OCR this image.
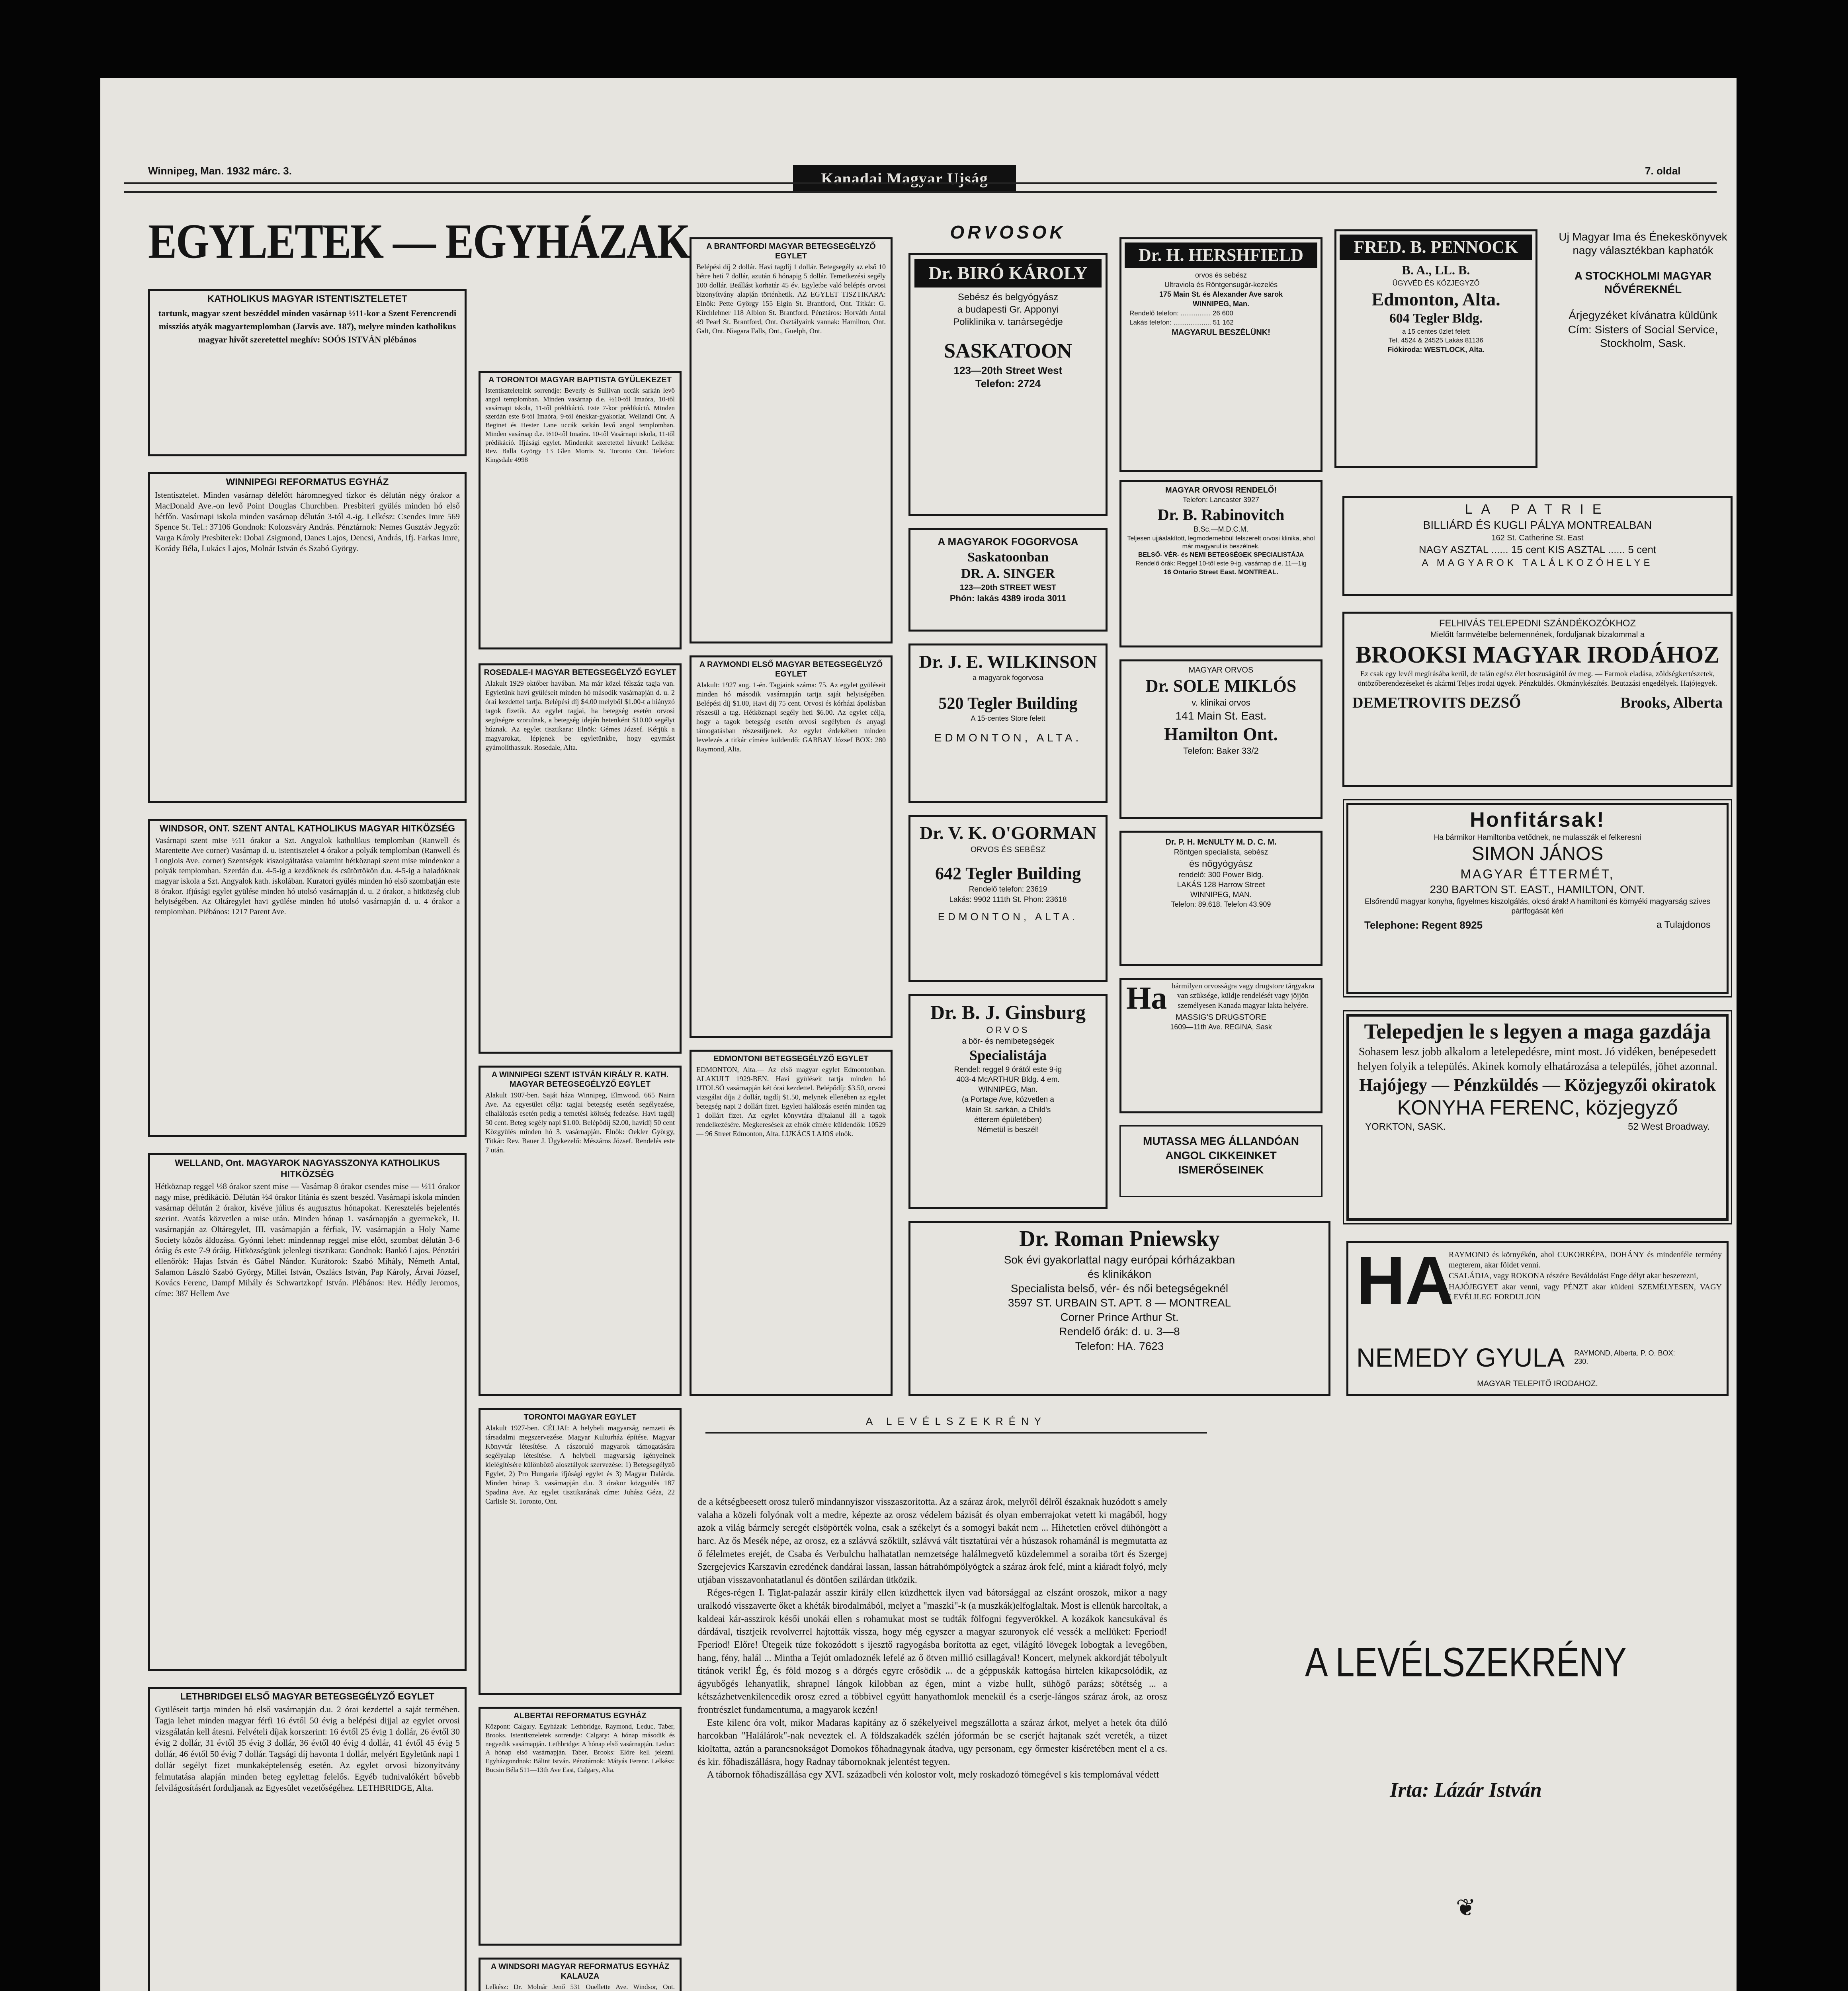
Winnipeg, Man. 1932 márc. 3.	Kanadai Magyar Ujság	7. oldal
EGYLETEK — EGYHÁZAK
KATHOLIKUS MAGYAR ISTENTISZTELETET
tartunk, magyar szent beszéddel minden vasárnap ½11-kor a Szent Ferencrendi missziós atyák magyartemplomban (Jarvis ave. 187), melyre minden katholikus magyar hivőt szeretettel meghív: SOÓS ISTVÁN plébános
WINNIPEGI REFORMATUS EGYHÁZ
Istentisztelet. Minden vasárnap délelőtt háromnegyed tizkor és délután négy órakor a MacDonald Ave.-on levő Point Douglas Churchben. Presbiteri gyülés minden hó első hétfőn. Vasárnapi iskola minden vasárnap délután 3-tól 4.-ig. Lelkész: Csendes Imre 569 Spence St. Tel.: 37106 Gondnok: Kolozsváry András. Pénztárnok: Nemes Gusztáv Jegyző: Varga Károly Presbiterek: Dobai Zsigmond, Dancs Lajos, Dencsi, András, Ifj. Farkas Imre, Korády Béla, Lukács Lajos, Molnár István és Szabó György.
WINDSOR, ONT. SZENT ANTAL KATHOLIKUS MAGYAR HITKÖZSÉG
Vasárnapi szent mise ½11 órakor a Szt. Angyalok katholikus templomban (Ranwell és Marentette Ave corner) Vasárnap d. u. istentisztelet 4 órakor a polyák templomban (Ranwell és Longlois Ave. corner) Szentségek kiszolgáltatása valamint hétköznapi szent mise mindenkor a polyák templomban. Szerdán d.u. 4-5-ig a kezdőknek és csütörtökön d.u. 4-5-ig a haladóknak magyar iskola a Szt. Angyalok kath. iskolában. Kuratori gyülés minden hó első szombatján este 8 órakor. Ifjúsági egylet gyülése minden hó utolsó vasárnapján d. u. 2 órakor, a hitközség club helyiségében. Az Oltáregylet havi gyülése minden hó utolsó vasárnapján d. u. 4 órakor a templomban. Plébános: 1217 Parent Ave.
WELLAND, Ont. MAGYAROK NAGYASSZONYA KATHOLIKUS HITKÖZSÉG
Hétköznap reggel ½8 órakor szent mise — Vasárnap 8 órakor csendes mise — ½11 órakor nagy mise, prédikáció. Délután ½4 órakor litánia és szent beszéd. Vasárnapi iskola minden vasárnap délután 2 órakor, kivéve július és augusztus hónapokat. Keresztelés bejelentés szerint. Avatás közvetlen a mise után. Minden hónap 1. vasárnapján a gyermekek, II. vasárnapján az Oltáregylet, III. vasárnapján a férfiak, IV. vasárnapján a Holy Name Society közös áldozása. Gyónni lehet: mindennap reggel mise előtt, szombat délután 3-6 óráig és este 7-9 óráig. Hitközségünk jelenlegi tisztikara: Gondnok: Bankó Lajos. Pénztári ellenőrök: Hajas István és Gábel Nándor. Kurátorok: Szabó Mihály, Németh Antal, Salamon László Szabó György, Millei István, Oszlács István, Pap Károly, Árvai József, Kovács Ferenc, Dampf Mihály és Schwartzkopf István. Plébános: Rev. Hédly Jeromos, címe: 387 Hellem Ave
LETHBRIDGEI ELSŐ MAGYAR BETEGSEGÉLYZŐ EGYLET
Gyüléseit tartja minden hó első vasárnapján d.u. 2 órai kezdettel a saját termében. Tagja lehet minden magyar férfi 16 évtől 50 évig a belépési dijjal az egylet orvosi vizsgálatán kell átesni. Felvételi díjak korszerint: 16 évtől 25 évig 1 dollár, 26 évtől 30 évig 2 dollár, 31 évtől 35 évig 3 dollár, 36 évtől 40 évig 4 dollár, 41 évtől 45 évig 5 dollár, 46 évtől 50 évig 7 dollár. Tagsági díj havonta 1 dollár, melyért Egyletünk napi 1 dollár segélyt fizet munkaképtelenség esetén. Az egylet orvosi bizonyítvány felmutatása alapján minden beteg egylettag felelős. Egyéb tudnivalókért bővebb felvilágosításért forduljanak az Egyesület vezetőségéhez. LETHBRIDGE, Alta.
A TORONTOI MAGYAR BAPTISTA GYÜLEKEZET
Istentiszteleteink sorrendje: Beverly és Sullivan uccák sarkán levő angol templomban. Minden vasárnap d.e. ½10-től Imaóra, 10-től vasárnapi iskola, 11-től prédikáció. Este 7-kor prédikáció. Minden szerdán este 8-tól Imaóra, 9-től énekkar-gyakorlat. Wellandi Ont. A Beginet és Hester Lane uccák sarkán levő angol templomban. Minden vasárnap d.e. ½10-től Imaóra. 10-től Vasárnapi iskola, 11-től prédikáció. Ifjúsági egylet. Mindenkit szeretettel hívunk! Lelkész: Rev. Balla György 13 Glen Morris St. Toronto Ont. Telefon: Kingsdale 4998
ROSEDALE-I MAGYAR BETEGSEGÉLYZŐ EGYLET
Alakult 1929 október havában. Ma már közel félszáz tagja van. Egyletünk havi gyüléseit minden hó második vasárnapján d. u. 2 órai kezdettel tartja. Belépési díj $4.00 melyből $1.00-t a hiányzó tagok fizetik. Az egylet tagjai, ha betegség esetén orvosi segítségre szorulnak, a betegség idején hetenként $10.00 segélyt húznak. Az egylet tisztikara: Elnök: Gémes József. Kérjük a magyarokat, lépjenek be egyletünkbe, hogy egymást gyámolíthassuk. Rosedale, Alta.
A WINNIPEGI SZENT ISTVÁN KIRÁLY R. KATH. MAGYAR BETEGSEGÉLYZŐ EGYLET
Alakult 1907-ben. Saját háza Winnipeg, Elmwood. 665 Nairn Ave. Az egyesület célja: tagjai betegség esetén segélyezése, elhalálozás esetén pedig a temetési költség fedezése. Havi tagdíj 50 cent. Beteg segély napi $1.00. Belépődíj $2.00, havidíj 50 cent Közgyülés minden hó 3. vasárnapján. Elnök: Oekler György, Titkár: Rev. Bauer J. Ügykezelő: Mészáros József. Rendelés este 7 után.
TORONTOI MAGYAR EGYLET
Alakult 1927-ben. CÉLJAI: A helybeli magyarság nemzeti és társadalmi megszervezése. Magyar Kulturház építése. Magyar Könyvtár létesítése. A rászoruló magyarok támogatására segélyalap létesítése. A helybeli magyarság igényeinek kielégítésére különböző alosztályok szervezése: 1) Betegsegélyző Egylet, 2) Pro Hungaria ifjúsági egylet és 3) Magyar Dalárda. Minden hónap 3. vasárnapján d.u. 3 órakor közgyülés 187 Spadina Ave. Az egylet tisztikarának címe: Juhász Géza, 22 Carlisle St. Toronto, Ont.
ALBERTAI REFORMATUS EGYHÁZ
Központ: Calgary. Egyházak: Lethbridge, Raymond, Leduc, Taber, Brooks. Istentiszteletek sorrendje: Calgary: A hónap második és negyedik vasárnapján. Lethbridge: A hónap első vasárnapján. Leduc: A hónap első vasárnapján. Taber, Brooks: Előre kell jelezni. Egyházgondnok: Bálint István. Pénztárnok: Mátyás Ferenc. Lelkész: Bucsin Béla 511—13th Ave East, Calgary, Alta.
A WINDSORI MAGYAR REFORMATUS EGYHÁZ KALAUZA
Lelkész: Dr. Molnár Jenő 531 Ouellette Ave. Windsor, Ont.
A BRANTFORDI MAGYAR BETEGSEGÉLYZŐ EGYLET
Belépési díj 2 dollár. Havi tagdíj 1 dollár. Betegsegély az első 10 hétre heti 7 dollár, azután 6 hónapig 5 dollár. Temetkezési segély 100 dollár. Beállást korhatár 45 év. Egyletbe való belépés orvosi bizonyítvány alapján történhetik. AZ EGYLET TISZTIKARA: Elnök: Pette György 155 Elgin St. Brantford, Ont. Titkár: G. Kirchlehner 118 Albion St. Brantford. Pénztáros: Horváth Antal 49 Pearl St. Brantford, Ont. Osztályaink vannak: Hamilton, Ont. Galt, Ont. Niagara Falls, Ont., Guelph, Ont.
A RAYMONDI ELSŐ MAGYAR BETEGSEGÉLYZŐ EGYLET
Alakult: 1927 aug. 1-én. Tagjaink száma: 75. Az egylet gyüléseit minden hó második vasárnapján tartja saját helyiségében. Belépési díj $1.00, Havi díj 75 cent. Orvosi és kórházi ápolásban részesül a tag. Hétköznapi segély heti $6.00. Az egylet célja, hogy a tagok betegség esetén orvosi segélyben és anyagi támogatásban részesüljenek. Az egylet érdekében minden levelezés a titkár címére küldendő: GABBAY József BOX: 280 Raymond, Alta.
EDMONTONI BETEGSEGÉLYZŐ EGYLET
EDMONTON, Alta.— Az első magyar egylet Edmontonban. ALAKULT 1929-BEN. Havi gyüléseit tartja minden hó UTOLSÓ vasárnapján két órai kezdettel. Belépődíj: $3.50, orvosi vizsgálat díja 2 dollár, tagdíj $1.50, melynek ellenében az egylet betegség napi 2 dollárt fizet. Egyleti halálozás esetén minden tag 1 dollárt fizet. Az egylet könyvtára díjtalanul áll a tagok rendelkezésére. Megkeresések az elnök címére küldendők: 10529 — 96 Street Edmonton, Alta. LUKÁCS LAJOS elnök.
ORVOSOK
Dr. BIRÓ KÁROLY
Sebész és belgyógyász
a budapesti Gr. Apponyi
Poliklinika v. tanársegédje
SASKATOON
123—20th Street West
Telefon: 2724
A MAGYAROK FOGORVOSA
Saskatoonban
DR. A. SINGER
123—20th STREET WEST
Phón: lakás 4389 iroda 3011
Dr. J. E. WILKINSON
a magyarok fogorvosa
520 Tegler Building
A 15-centes Store felett
EDMONTON, ALTA.
Dr. V. K. O'GORMAN
ORVOS ÉS SEBÉSZ
642 Tegler Building
Rendelő telefon: 23619
Lakás: 9902 111th St. Phon: 23618
EDMONTON, ALTA.
Dr. B. J. Ginsburg
ORVOS
a bőr- és nemibetegségek
Specialistája
Rendel: reggel 9 órától este 9-ig
403-4 McARTHUR Bldg. 4 em.
WINNIPEG, Man.
(a Portage Ave, közvetlen a
Main St. sarkán, a Child's
étterem épületében)
Németül is beszél!
Dr. H. HERSHFIELD
orvos és sebész
Ultraviola és Röntgensugár-kezelés
175 Main St. és Alexander Ave sarok
WINNIPEG, Man.
Rendelő telefon: ................ 26 600
Lakás telefon: .................... 51 162
MAGYARUL BESZÉLÜNK!
MAGYAR ORVOSI RENDELŐ!
Telefon: Lancaster 3927
Dr. B. Rabinovitch
B.Sc.—M.D.C.M.
Teljesen ujjáalakított, legmodernebbül felszerelt orvosi klinika, ahol már magyarul is beszélnek.
BELSŐ- VÉR- és NEMI BETEGSÉGEK SPECIALISTÁJA
Rendelő órák: Reggel 10-től este 9-ig, vasárnap d.e. 11—1ig
16 Ontario Street East. MONTREAL.
MAGYAR ORVOS
Dr. SOLE MIKLÓS
v. klinikai orvos
141 Main St. East.
Hamilton Ont.
Telefon: Baker 33/2
Dr. P. H. McNULTY M. D. C. M.
Röntgen specialista, sebész
és nőgyógyász
rendelő: 300 Power Bldg.
LAKÁS 128 Harrow Street
WINNIPEG, MAN.
Telefon: 89.618. Telefon 43.909
Ha bármilyen orvosságra vagy drugstore tárgyakra van szüksége, küldje rendelését vagy jöjjön személyesen Kanada magyar lakta helyére.
MASSIG'S DRUGSTORE
1609—11th Ave. REGINA, Sask
MUTASSA MEG ÁLLANDÓAN
ANGOL CIKKEINKET
ISMERŐSEINEK
Dr. Roman Pniewsky
Sok évi gyakorlattal nagy európai kórházakban
és klinikákon
Specialista belső, vér- és női betegségeknél
3597 ST. URBAIN ST. APT. 8 — MONTREAL
Corner Prince Arthur St.
Rendelő órák: d. u. 3—8
Telefon: HA. 7623
FRED. B. PENNOCK
B. A., LL. B.
ÜGYVÉD ÉS KÖZJEGYZŐ
Edmonton, Alta.
604 Tegler Bldg.
a 15 centes üzlet felett
Tel. 4524 & 24525 Lakás 81136
Fiókiroda: WESTLOCK, Alta.
Uj Magyar Ima és Énekeskönyvek nagy választékban kaphatók
A STOCKHOLMI MAGYAR NŐVÉREKNÉL
Árjegyzéket kívánatra küldünk
Cím: Sisters of Social Service, Stockholm, Sask.
LA PATRIE
BILLIÁRD ÉS KUGLI PÁLYA MONTREALBAN
162 St. Catherine St. East
NAGY ASZTAL ...... 15 cent KIS ASZTAL ...... 5 cent
A MAGYAROK TALÁLKOZÓHELYE
FELHIVÁS TELEPEDNI SZÁNDÉKOZÓKHOZ
Mielőtt farmvételbe belemennének, forduljanak bizalommal a
BROOKSI MAGYAR IRODÁHOZ
Ez csak egy levél megírásába kerül, de talán egész élet boszuságától óv meg. — Farmok eladása, zöldségkertészetek, öntözőberendezéseket és akármi Teljes irodai ügyek. Pénzküldés. Okmánykészítés. Beutazási engedélyek. Hajójegyek.
DEMETROVITS DEZSŐ	Brooks, Alberta
Honfitársak!
Ha bármikor Hamiltonba vetődnek, ne mulasszák el felkeresni
SIMON JÁNOS
MAGYAR ÉTTERMÉT,
230 BARTON ST. EAST., HAMILTON, ONT.
Elsőrendű magyar konyha, figyelmes kiszolgálás, olcsó árak! A hamiltoni és környéki magyarság szives pártfogását kéri
Telephone: Regent 8925	a Tulajdonos
Telepedjen le s legyen a maga gazdája
Sohasem lesz jobb alkalom a letelepedésre, mint most. Jó vidéken, benépesedett helyen folyik a település. Akinek komoly elhatározása a település, jöhet azonnal.
Hajójegy — Pénzküldés — Közjegyzői okiratok
KONYHA FERENC, közjegyző
YORKTON, SASK.	52 West Broadway.
HA
RAYMOND és környékén, ahol CUKORRÉPA, DOHÁNY és mindenféle termény megterem, akar földet venni.
CSALÁDJA, vagy ROKONA részére Beváldolást Enge délyt akar beszerezni,
HAJÓJEGYET akar venni, vagy PÉNZT akar küldeni SZEMÉLYESEN, VAGY LEVÉLILEG FORDULJON
NEMEDY GYULA RAYMOND, Alberta. P. O. BOX: 230.
MAGYAR TELEPITŐ IRODAHOZ.
A LEVÉLSZEKRÉNY

de a kétségbeesett orosz tulerő mindannyiszor visszaszoritotta. Az a száraz árok, melyről délről északnak huzódott s amely valaha a közeli folyónak volt a medre, képezte az orosz védelem bázisát és olyan emberrajokat vetett ki magából, hogy azok a világ bármely seregét elsöpörték volna, csak a székelyt és a somogyi bakát nem ... Hihetetlen erővel dühöngött a harc. Az ős Mesék népe, az orosz, ez a szlávvá szőkült, szlávvá vált tisztatúrai vér a húszasok rohamánál is megmutatta az ő félelmetes erejét, de Csaba és Verbulchu halhatatlan nemzetsége halálmegvető küzdelemmel a soraiba tört és Szergej Szergejevics Karszavin ezredének dandárai lassan, lassan hátrahömpölyögtek a száraz árok felé, mint a kiáradt folyó, mely utjában visszavonhatatlanul és döntően szilárdan ütközik.

Réges-régen I. Tiglat-palazár asszir király ellen küzdhettek ilyen vad bátorsággal az elszánt oroszok, mikor a nagy uralkodó visszaverte őket a khéták birodalmából, melyet a "maszki"-k (a muszkák)elfoglaltak. Most is ellenük harcoltak, a kaldeai kár-asszirok késői unokái ellen s rohamukat most se tudták fölfogni fegyverökkel. A kozákok kancsukával és dárdával, tisztjeik revolverrel hajtották vissza, hogy még egyszer a magyar szuronyok elé vessék a mellüket: Fperiod! Fperiod! Előre! Ütegeik túze fokozódott s ijesztő ragyogásba borította az eget, világító lövegek lobogtak a levegőben, hang, fény, halál ... Mintha a Tejút omladoznék lefelé az ő ötven millió csillagával! Koncert, melynek akkordját tébolyult titánok verik! Ég, és föld mozog s a dörgés egyre erősödik ... de a géppuskák kattogása hirtelen kikapcsolódik, az ágyubőgés lehanyatlik, shrapnel lángok kilobban az égen, mint a vizbe hullt, sühögő parázs; sötétség ... a kétszázhetvenkilencedik orosz ezred a többivel együtt hanyathomlok menekül és a cserje-lángos száraz árok, az orosz frontrészlet fundamentuma, a magyarok kezén!

Este kilenc óra volt, mikor Madaras kapitány az ő székelyeivel megszállotta a száraz árkot, melyet a hetek óta dúló harcokban "Halálárok"-nak neveztek el. A földszakadék szélén jóformán be se cserjét hajtanak szét vereték, a tüzet kioltatta, aztán a parancsnokságot Domokos főhadnagynak átadva, ugy personam, egy őrmester kiséretében ment el a cs. és kir. főhadiszállásra, hogy Radnay tábornoknak jelentést tegyen.

A tábornok főhadiszállása egy XVI. századbeli vén kolostor volt, mely roskadozó tömegével s kis templomával védett

A LEVÉLSZEKRÉNY
Irta: Lázár István
❦
